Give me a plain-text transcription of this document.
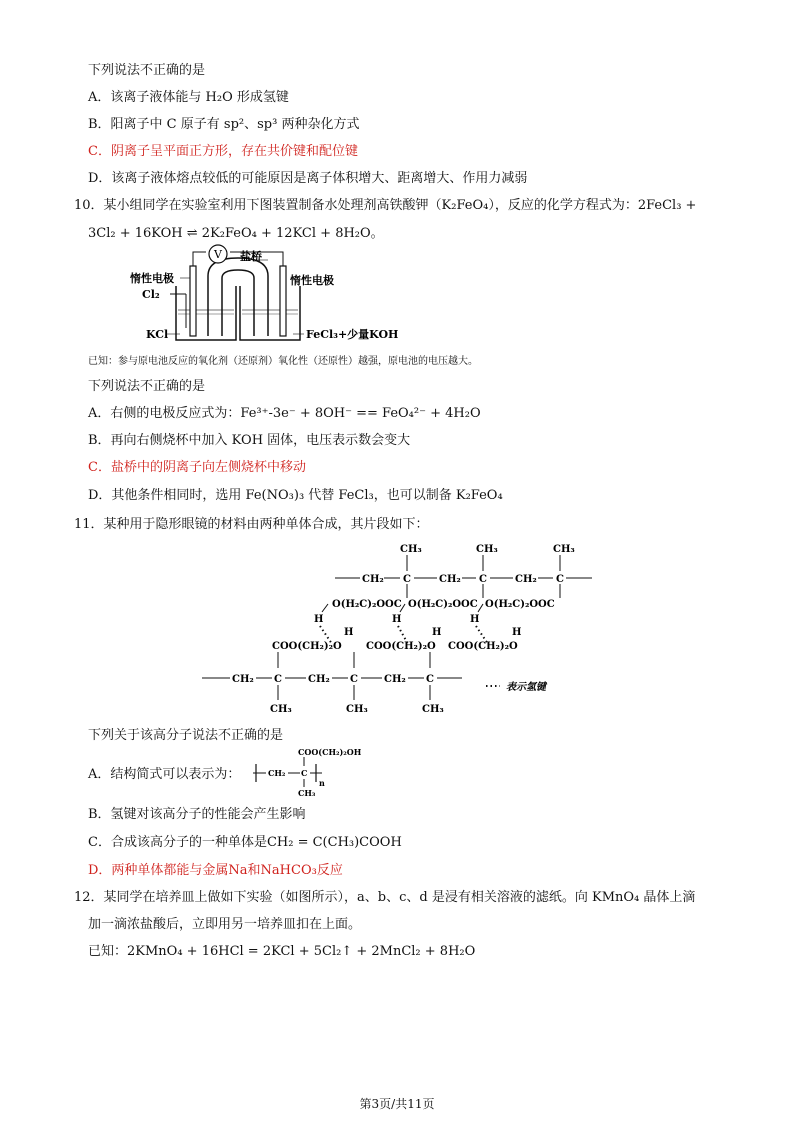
下列说法不正确的是
A．该离子液体能与 H₂O 形成氢键
B．阳离子中 C 原子有 sp²、sp³ 两种杂化方式
C．阴离子呈平面正方形，存在共价键和配位键
D．该离子液体熔点较低的可能原因是离子体积增大、距离增大、作用力减弱
10．某小组同学在实验室利用下图装置制备水处理剂高铁酸钾（K₂FeO₄），反应的化学方程式为：2FeCl₃ +
3Cl₂ + 16KOH ⇌ 2K₂FeO₄ + 12KCl + 8H₂O。
V 盐桥
惰性电极	惰性电极
Cl₂
KCl	FeCl₃+少量KOH
已知：参与原电池反应的氧化剂（还原剂）氧化性（还原性）越强，原电池的电压越大。
下列说法不正确的是
A．右侧的电极反应式为：Fe³⁺-3e⁻ + 8OH⁻ == FeO₄²⁻ + 4H₂O
B．再向右侧烧杯中加入 KOH 固体，电压表示数会变大
C．盐桥中的阴离子向左侧烧杯中移动
D．其他条件相同时，选用 Fe(NO₃)₃ 代替 FeCl₃，也可以制备 K₂FeO₄
11．某种用于隐形眼镜的材料由两种单体合成，其片段如下：
CH₂ C	CH₂ C	CH₂ C
CH₃	CH₃	CH₃
O(H₂C)₂OOC O(H₂C)₂OOC O(H₂C)₂OOC
H
H
H
H
H
H
COO(CH₂)₂O COO(CH₂)₂O COO(CH₂)₂O
CH₂ C	CH₂ C	CH₂ C
CH₃	CH₃	CH₃
表示氢键
下列关于该高分子说法不正确的是
A．结构简式可以表示为：
COO(CH₂)₂OH
CH₂ C
n
CH₃
B．氢键对该高分子的性能会产生影响
C．合成该高分子的一种单体是CH₂ = C(CH₃)COOH
D．两种单体都能与金属Na和NaHCO₃反应
12．某同学在培养皿上做如下实验（如图所示），a、b、c、d 是浸有相关溶液的滤纸。向 KMnO₄ 晶体上滴
加一滴浓盐酸后，立即用另一培养皿扣在上面。
已知：2KMnO₄ + 16HCl = 2KCl + 5Cl₂↑ + 2MnCl₂ + 8H₂O
第3页/共11页
